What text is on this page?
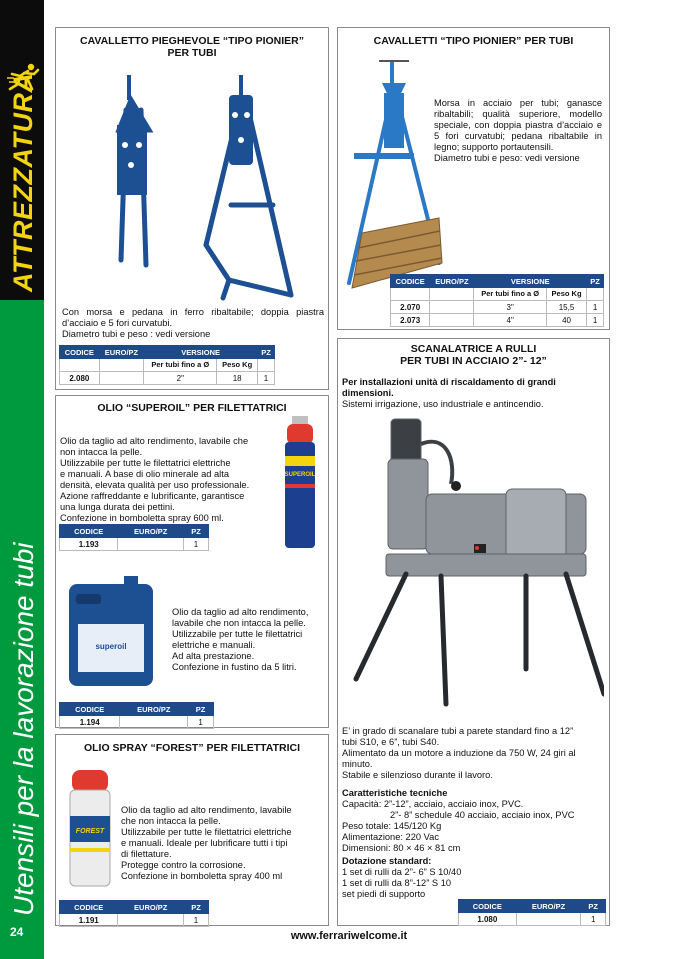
ATTREZZATURA
Utensili per la lavorazione tubi
24	www.ferrariwelcome.it
CAVALLETTO PIEGHEVOLE “TIPO PIONIER”
PER TUBI

Con morsa e pedana in ferro ribaltabile; doppia piastra d’acciaio e 5 fori curvatubi.

Diametro tubi e peso : vedi versione

CODICE	EURO/PZ	VERSIONE		PZ
		Per tubi fino a Ø	Peso Kg	
2.080		2"	18	1
CAVALLETTI “TIPO PIONIER” PER TUBI

Morsa in acciaio per tubi; ganasce ribaltabili; qualità superiore, modello speciale, con doppia piastra d’acciaio e 5 fori curvatubi; pedana ribaltabile in legno; supporto portautensili.

Diametro tubi e peso: vedi versione

CODICE	EURO/PZ	VERSIONE		PZ
		Per tubi fino a Ø	Peso Kg	
2.070		3"	15,5	1
2.073		4"	40	1
OLIO “SUPEROIL” PER FILETTATRICI

Olio da taglio ad alto rendimento, lavabile che

non intacca la pelle.

Utilizzabile per tutte le filettatrici elettriche

e manuali. A base di olio minerale ad alta

densità, elevata qualità per uso professionale.

Azione raffreddante e lubrificante, garantisce

una lunga durata dei pettini.

Confezione in bomboletta spray 600 ml.

SUPEROIL
CODICE	EURO/PZ	PZ
1.193		1
superoil

Olio da taglio ad alto rendimento,

lavabile che non intacca la pelle.

Utilizzabile per tutte le filettatrici

elettriche e manuali.

Ad alta prestazione.

Confezione in fustino da 5 litri.

CODICE	EURO/PZ	PZ
1.194		1
OLIO SPRAY “FOREST” PER FILETTATRICI
FOREST

Olio da taglio ad alto rendimento, lavabile

che non intacca la pelle.

Utilizzabile per tutte le filettatrici elettriche

e manuali. Ideale per lubrificare tutti i tipi

di filettature.

Protegge contro la corrosione.

Confezione in bomboletta spray 400 ml

CODICE	EURO/PZ	PZ
1.191		1
SCANALATRICE A RULLI
PER TUBI IN ACCIAIO 2”- 12”

Per installazioni unità di riscaldamento di grandi

dimensioni.

Sistemi irrigazione, uso industriale e antincendio.

E’ in grado di scanalare tubi a parete standard fino a 12”

tubi S10, e 6”, tubi S40.

Alimentato da un motore a induzione da 750 W, 24 giri al

minuto.

Stabile e silenzioso durante il lavoro.

Caratteristiche tecniche

Capacità: 2”-12”, acciaio, acciaio inox, PVC.

2”- 8” schedule 40 acciaio, acciaio inox, PVC

Peso totale: 145/120 Kg

Alimentazione: 220 Vac

Dimensioni: 80 × 46 × 81 cm

Dotazione standard:

1 set di rulli da 2”- 6” S 10/40

1 set di rulli da 8”-12” S 10

set piedi di supporto

CODICE	EURO/PZ	PZ
1.080		1
